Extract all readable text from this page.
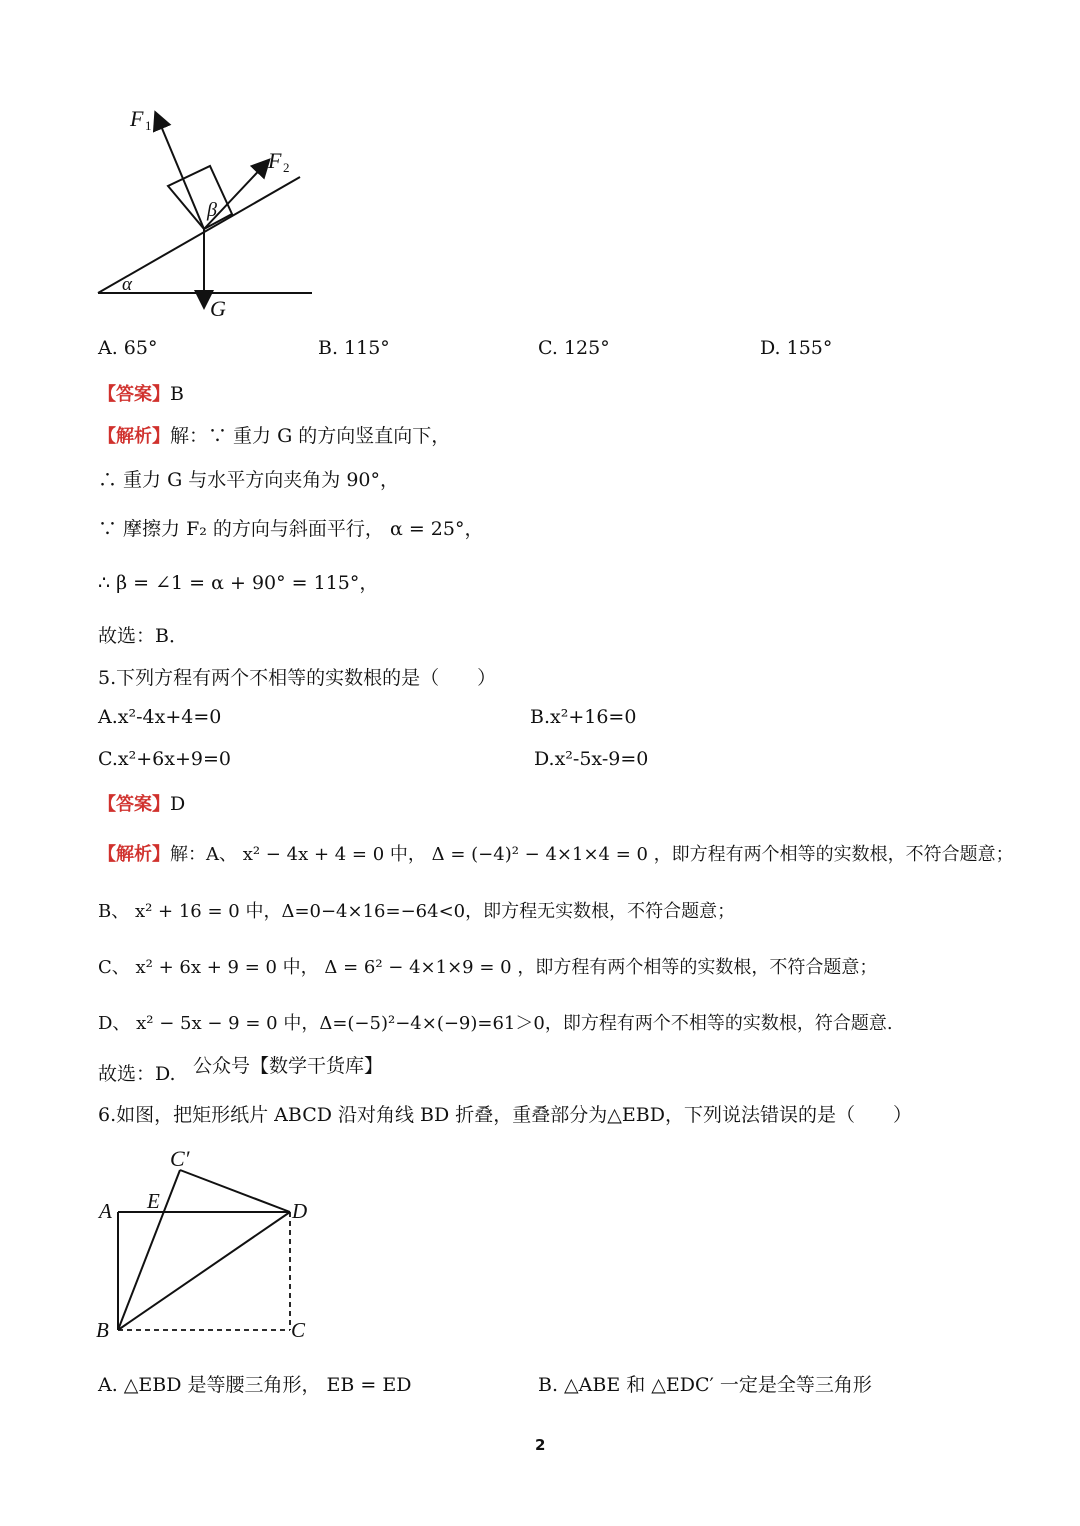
F 1
F 2
β
α
G
A. 65°	B. 115°	C. 125°	D. 155°
【答案】B
【解析】解：∵ 重力 G 的方向竖直向下，
∴ 重力 G 与水平方向夹角为 90°，
∵ 摩擦力 F₂ 的方向与斜面平行， α = 25°，
∴ β = ∠1 = α + 90° = 115°，
故选：B．
5.下列方程有两个不相等的实数根的是（　　）
A.x²-4x+4=0	B.x²+16=0
C.x²+6x+9=0	D.x²-5x-9=0
【答案】D
【解析】解：A、 x² − 4x + 4 = 0 中， Δ = (−4)² − 4×1×4 = 0 ，即方程有两个相等的实数根，不符合题意；
B、 x² + 16 = 0 中，Δ=0−4×16=−64<0，即方程无实数根，不符合题意；
C、 x² + 6x + 9 = 0 中， Δ = 6² − 4×1×9 = 0 ，即方程有两个相等的实数根，不符合题意；
D、 x² − 5x − 9 = 0 中，Δ=(−5)²−4×(−9)=61＞0，即方程有两个不相等的实数根，符合题意.
公众号【数学干货库】
故选：D.
6.如图，把矩形纸片 ABCD 沿对角线 BD 折叠，重叠部分为△EBD，下列说法错误的是（　　）
C′
A E	D
B	C
A. △EBD 是等腰三角形， EB = ED	B. △ABE 和 △EDC′ 一定是全等三角形
2
